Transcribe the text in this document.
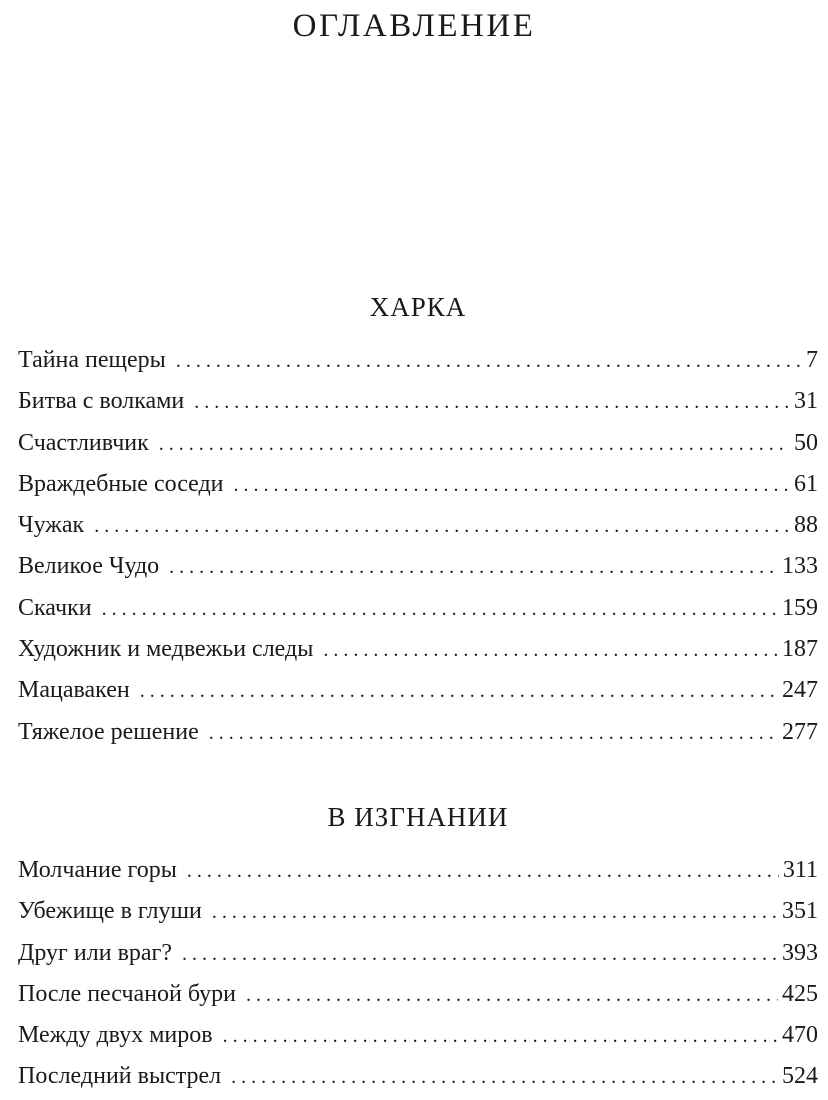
ОГЛАВЛЕНИЕ
ХАРКА
Тайна пещеры . . .	7
Битва с волками . . .	31
Счастливчик . . .	50
Враждебные соседи . . .	61
Чужак . . .	88
Великое Чудо . . .	133
Скачки . . .	159
Художник и медвежьи следы . . .	187
Мацавакен . . .	247
Тяжелое решение . . .	277
В ИЗГНАНИИ
Молчание горы . . .	311
Убежище в глуши . . .	351
Друг или враг? . . .	393
После песчаной бури . . .	425
Между двух миров . . .	470
Последний выстрел . . .	524
